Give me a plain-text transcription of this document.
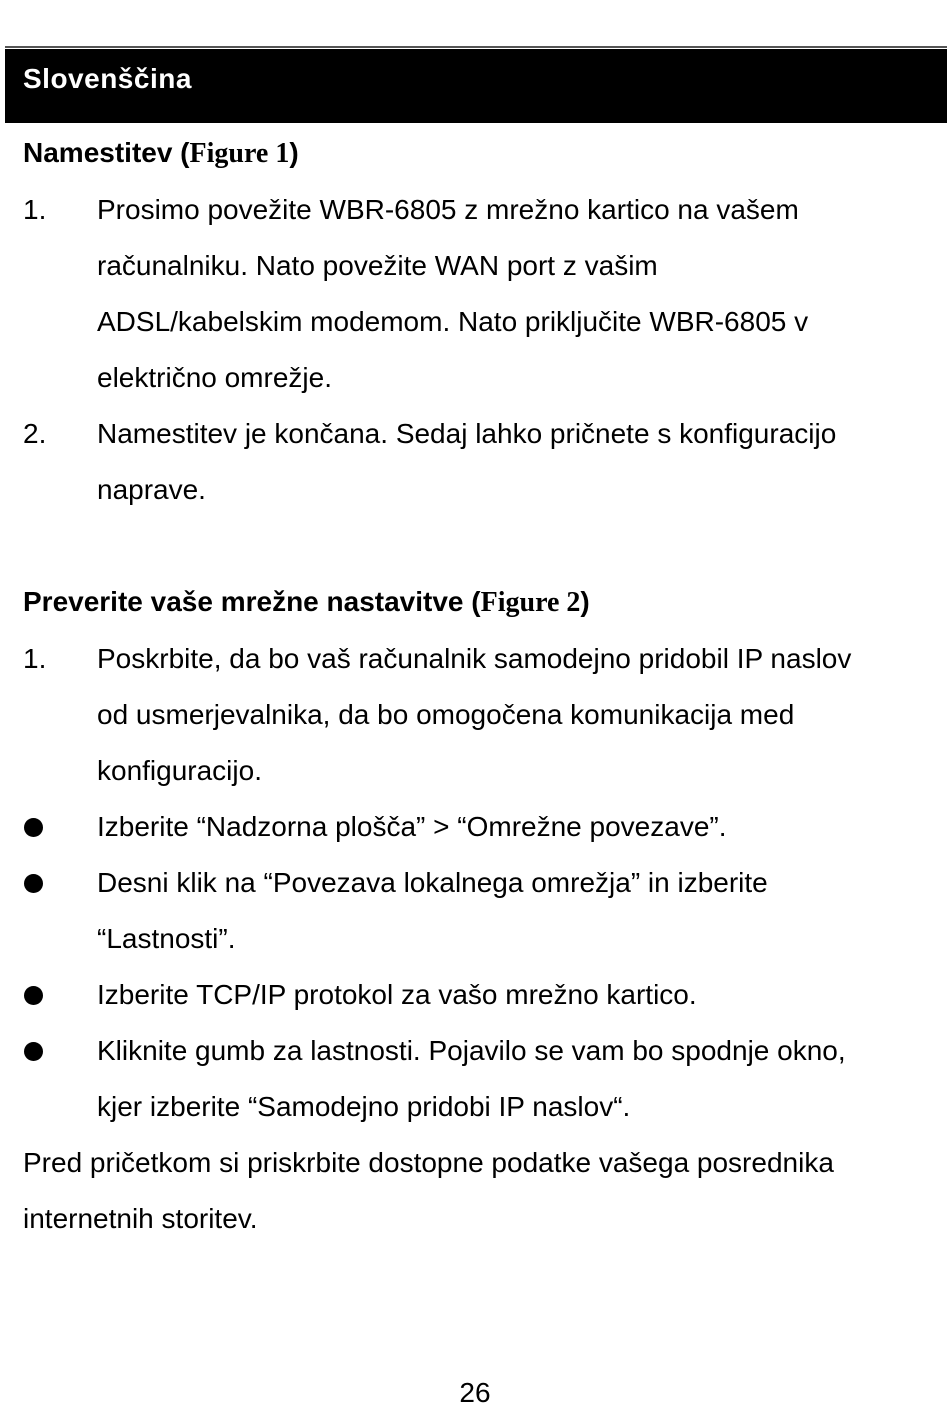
Slovenščina
Namestitev (Figure 1)
1. Prosimo povežite WBR-6805 z mrežno kartico na vašem
računalniku. Nato povežite WAN port z vašim
ADSL/kabelskim modemom. Nato priključite WBR-6805 v
električno omrežje.
2. Namestitev je končana. Sedaj lahko pričnete s konfiguracijo
naprave.
Preverite vaše mrežne nastavitve (Figure 2)
1. Poskrbite, da bo vaš računalnik samodejno pridobil IP naslov
od usmerjevalnika, da bo omogočena komunikacija med
konfiguracijo.
Izberite “Nadzorna plošča” > “Omrežne povezave”.
Desni klik na “Povezava lokalnega omrežja” in izberite
“Lastnosti”.
Izberite TCP/IP protokol za vašo mrežno kartico.
Kliknite gumb za lastnosti. Pojavilo se vam bo spodnje okno,
kjer izberite “Samodejno pridobi IP naslov“.
Pred pričetkom si priskrbite dostopne podatke vašega posrednika
internetnih storitev.
26
